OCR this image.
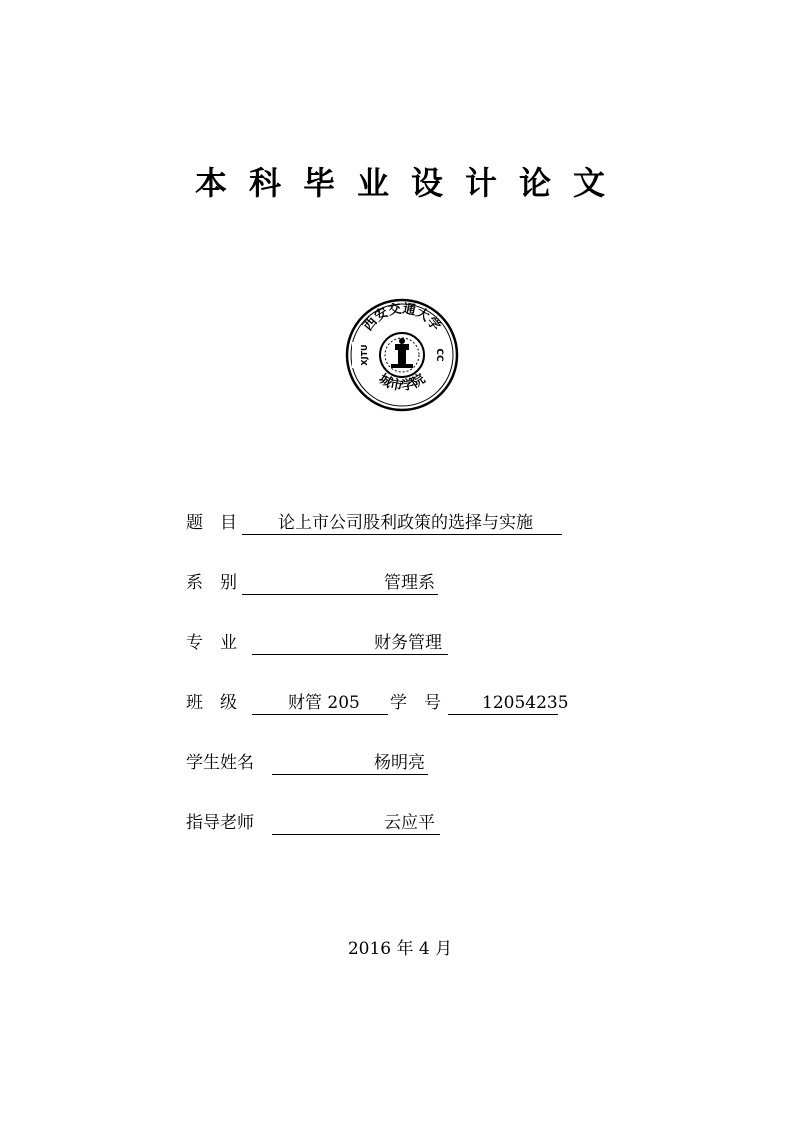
本科毕业设计论文
西安交通大学
城市学院
XJTU	CC
题　目 论上市公司股利政策的选择与实施
系　别	管理系
专　业	财务管理
班　级	财管 205 学　号 12054235
学生姓名	杨明亮
指导老师	云应平
2016 年 4 月
